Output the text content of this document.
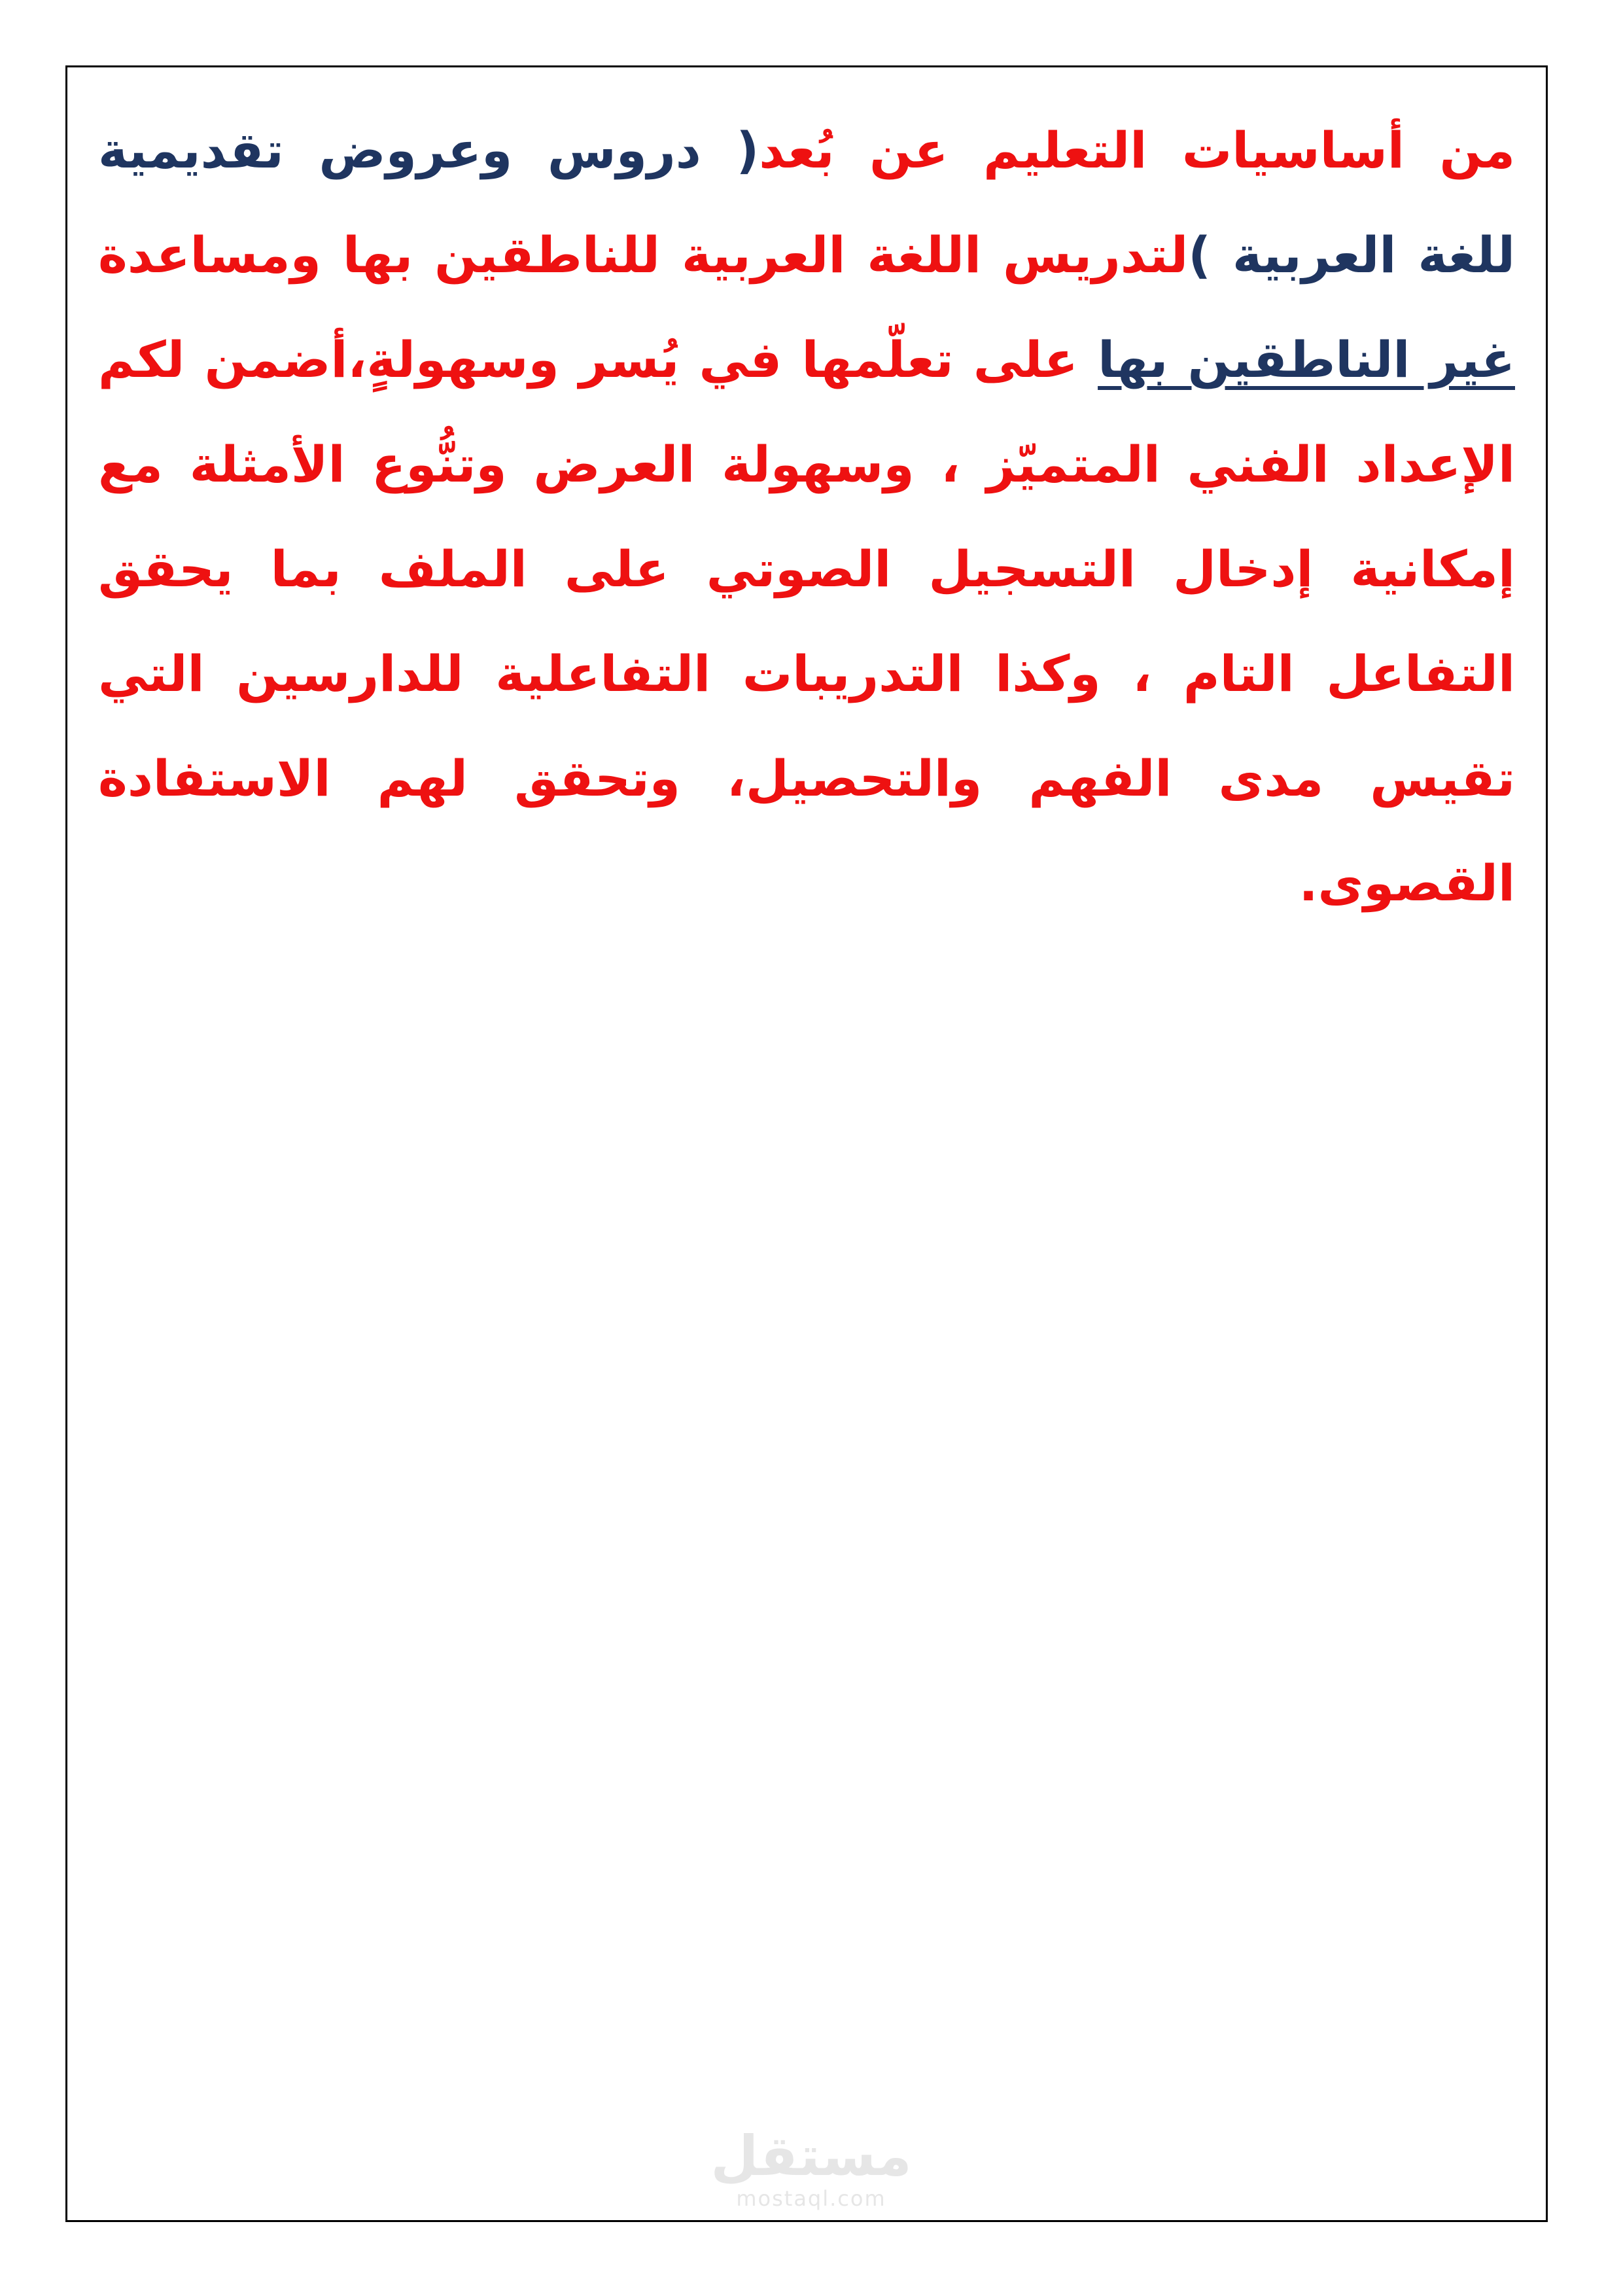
من أساسيات التعليم عن بُعد( دروس وعروض تقديمية
للغة العربية )لتدريس اللغة العربية للناطقين بها ومساعدة
غير الناطقين بها على تعلّمها في يُسر وسهولةٍ،أضمن لكم
الإعداد الفني المتميّز ، وسهولة العرض وتنُّوع الأمثلة مع
إمكانية إدخال التسجيل الصوتي على الملف بما يحقق
التفاعل التام ، وكذا التدريبات التفاعلية للدارسين التي
تقيس مدى الفهم والتحصيل، وتحقق لهم الاستفادة
القصوى.
مستقل
mostaql.com
